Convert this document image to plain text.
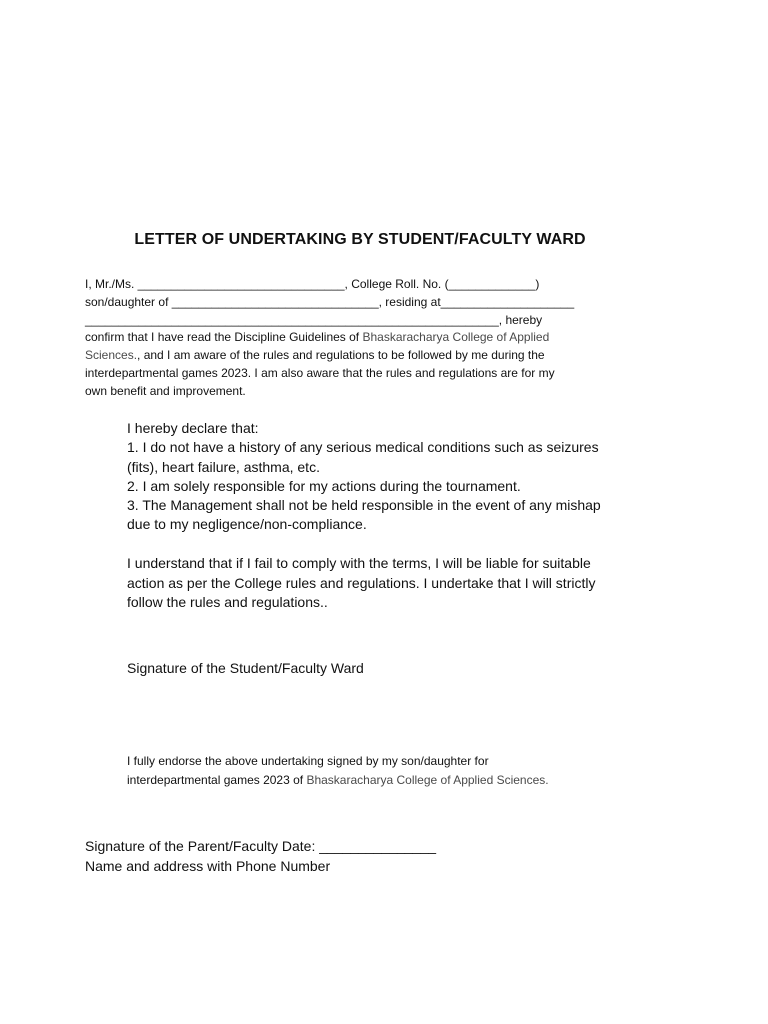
LETTER OF UNDERTAKING BY STUDENT/FACULTY WARD
I, Mr./Ms. _______________________________, College Roll. No. (_____________)
son/daughter of _______________________________, residing at____________________
______________________________________________________________, hereby
confirm that I have read the Discipline Guidelines of Bhaskaracharya College of Applied
Sciences., and I am aware of the rules and regulations to be followed by me during the
interdepartmental games 2023. I am also aware that the rules and regulations are for my
own benefit and improvement.
I hereby declare that:
1. I do not have a history of any serious medical conditions such as seizures
(fits), heart failure, asthma, etc.
2. I am solely responsible for my actions during the tournament.
3. The Management shall not be held responsible in the event of any mishap
due to my negligence/non-compliance.
I understand that if I fail to comply with the terms, I will be liable for suitable
action as per the College rules and regulations. I undertake that I will strictly
follow the rules and regulations..
Signature of the Student/Faculty Ward
I fully endorse the above undertaking signed by my son/daughter for
interdepartmental games 2023 of Bhaskaracharya College of Applied Sciences.
Signature of the Parent/Faculty Date: _______________
Name and address with Phone Number
